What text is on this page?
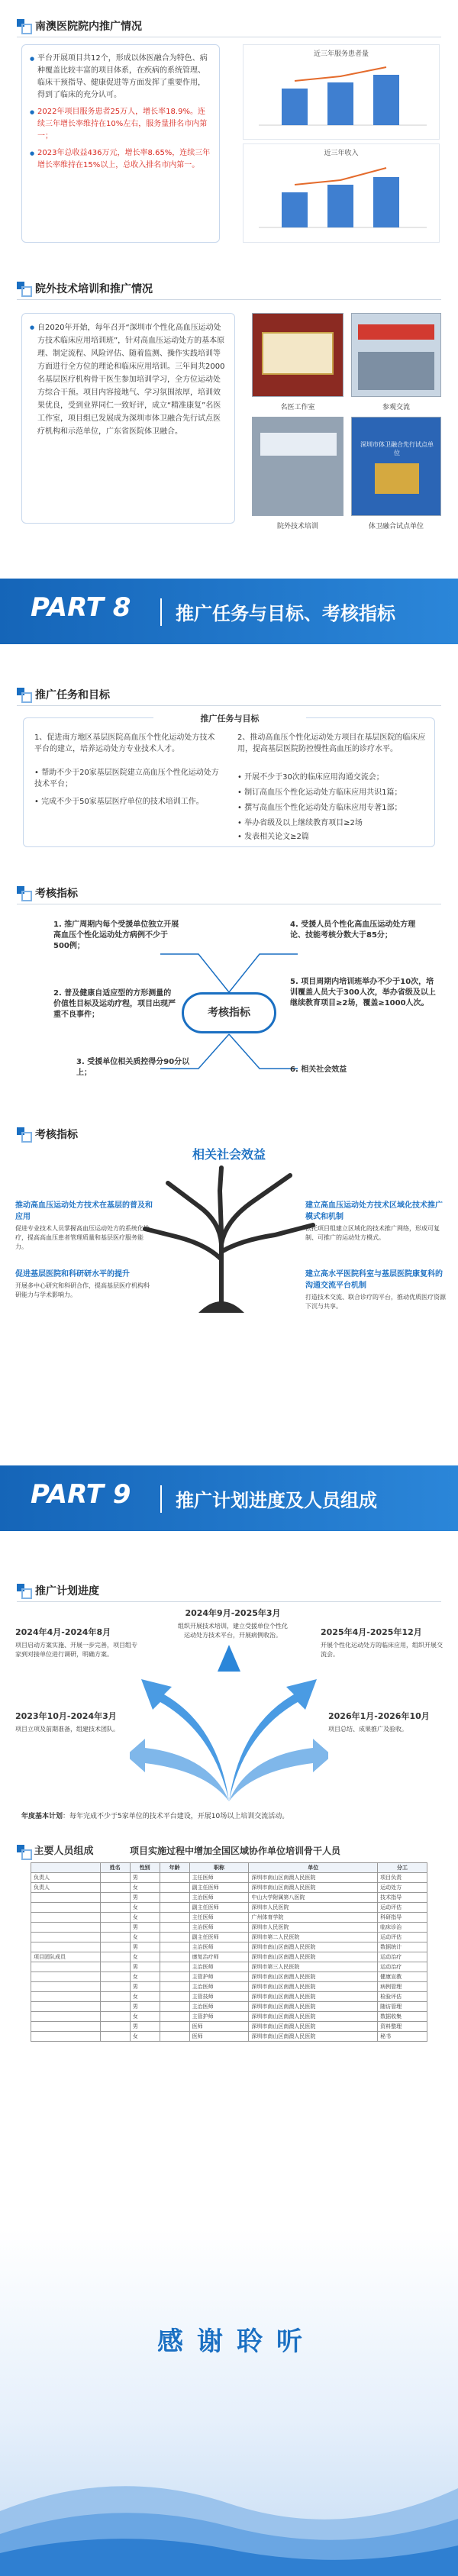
南澳医院院内推广情况
● 平台开展项目共12个，形成以体医融合为特色、病种覆盖比较丰富的项目体系，在疾病的系统管理、临床干预指导、健康促进等方面发挥了重要作用，得到了临床的充分认可。
● 2022年项目服务患者25万人，增长率18.9%。连续三年增长率维持在10%左右，服务量排名市内第一；
● 2023年总收益436万元，增长率8.65%，连续三年增长率维持在15%以上，总收入排名市内第一。
近三年服务患者量
近三年收入
院外技术培训和推广情况
● 自2020年开始，每年召开“深圳市个性化高血压运动处方技术临床应用培训班”，针对高血压运动处方的基本原理、制定流程、风险评估、随着监测、操作实践培训等方面进行全方位的理论和临床应用培训。三年间共2000名基层医疗机构骨干医生参加培训学习，全方位运动处方综合干预。项目内容接地气、学习氛围浓厚，培训效果优良，受到业界同仁一致好评，成立“精准康复”名医工作室，项目组已发展成为深圳市体卫融合先行试点医疗机构和示范单位，广东省医院体卫融合。
名医工作室	参观交流
院外技术培训
深圳市体卫融合先行试点单位
体卫融合试点单位
PART 8 推广任务与目标、考核指标
推广任务和目标
推广任务与目标
1、促进南方地区基层医院高血压个性化运动处方技术平台的建立，培养运动处方专业技术人才。
• 帮助不少于20家基层医院建立高血压个性化运动处方技术平台；
• 完成不少于50家基层医疗单位的技术培训工作。
2、推动高血压个性化运动处方项目在基层医院的临床应用，提高基层医院防控慢性高血压的诊疗水平。
• 开展不少于30次的临床应用沟通交流会；
• 制订高血压个性化运动处方临床应用共识1篇；
• 撰写高血压个性化运动处方临床应用专著1部；
• 举办省级及以上继续教育项目≥2场
• 发表相关论文≥2篇
考核指标
考核指标
1. 推广周期内每个受援单位独立开展高血压个性化运动处方病例不少于500例；
2. 普及健康自适应型的方形测量的价值性目标及运动疗程，项目出现严重不良事件；
3. 受援单位相关质控得分90分以上；
4. 受援人员个性化高血压运动处方理论、技能考核分数大于85分；
5. 项目周期内培训班举办不少于10次，培训覆盖人员大于300人次，举办省级及以上继续教育项目≥2场，覆盖≥1000人次。
6. 相关社会效益
考核指标
相关社会效益
推动高血压运动处方技术在基层的普及和应用
促进专业技术人员掌握高血压运动处方的系统化诊疗，提高高血压患者管理质量和基层医疗服务能力。
促进基层医院和科研研水平的提升
开展多中心研究和科研合作，提高基层医疗机构科研能力与学术影响力。
建立高血压运动处方技术区域化技术推广模式和机制
依托项目组建立区域化的技术推广网络，形成可复制、可推广的运动处方模式。
建立高水平医院科室与基层医院康复科的沟通交流平台机制
打造技术交流、联合诊疗的平台，推动优质医疗资源下沉与共享。
PART 9 推广计划进度及人员组成
推广计划进度
2024年4月-2024年8月
项目启动方案实施、开展一步完善，项目组专家到对接单位进行调研，明确方案。
2024年9月-2025年3月
组织开展技术培训，建立受援单位个性化运动处方技术平台，开展病例收治。	2025年4月-2025年12月
开展个性化运动处方的临床应用，组织开展交流会。
2023年10月-2024年3月
项目立项及前期准备，组建技术团队。
2026年1月-2026年10月
项目总结、成果推广及验收。
年度基本计划：每年完成不少于5家单位的技术平台建设，开展10场以上培训交流活动。
主要人员组成	项目实施过程中增加全国区域协作单位培训骨干人员
	姓名	性别	年龄	职称	单位	分工
负责人		男		主任医师	深圳市南山区南澳人民医院	项目负责
负责人		女		副主任医师	深圳市南山区南澳人民医院	运动处方
		男		主治医师	中山大学附属第八医院	技术指导
		女		副主任医师	深圳市人民医院	运动评估
		女		主任医师	广州体育学院	科研指导
		男		主治医师	深圳市人民医院	临床诊治
		女		副主任医师	深圳市第二人民医院	运动评估
		男		主治医师	深圳市南山区南澳人民医院	数据统计
项目团队成员		女		康复治疗师	深圳市南山区南澳人民医院	运动治疗
		男		主治医师	深圳市第三人民医院	运动治疗
		女		主管护师	深圳市南山区南澳人民医院	健康宣教
		男		主治医师	深圳市南山区南澳人民医院	病例管理
		女		主管技师	深圳市南山区南澳人民医院	检验评估
		男		主治医师	深圳市南山区南澳人民医院	随访管理
		女		主管护师	深圳市南山区南澳人民医院	数据收集
		男		医师	深圳市南山区南澳人民医院	资料整理
		女		医师	深圳市南山区南澳人民医院	秘书
感谢聆听
